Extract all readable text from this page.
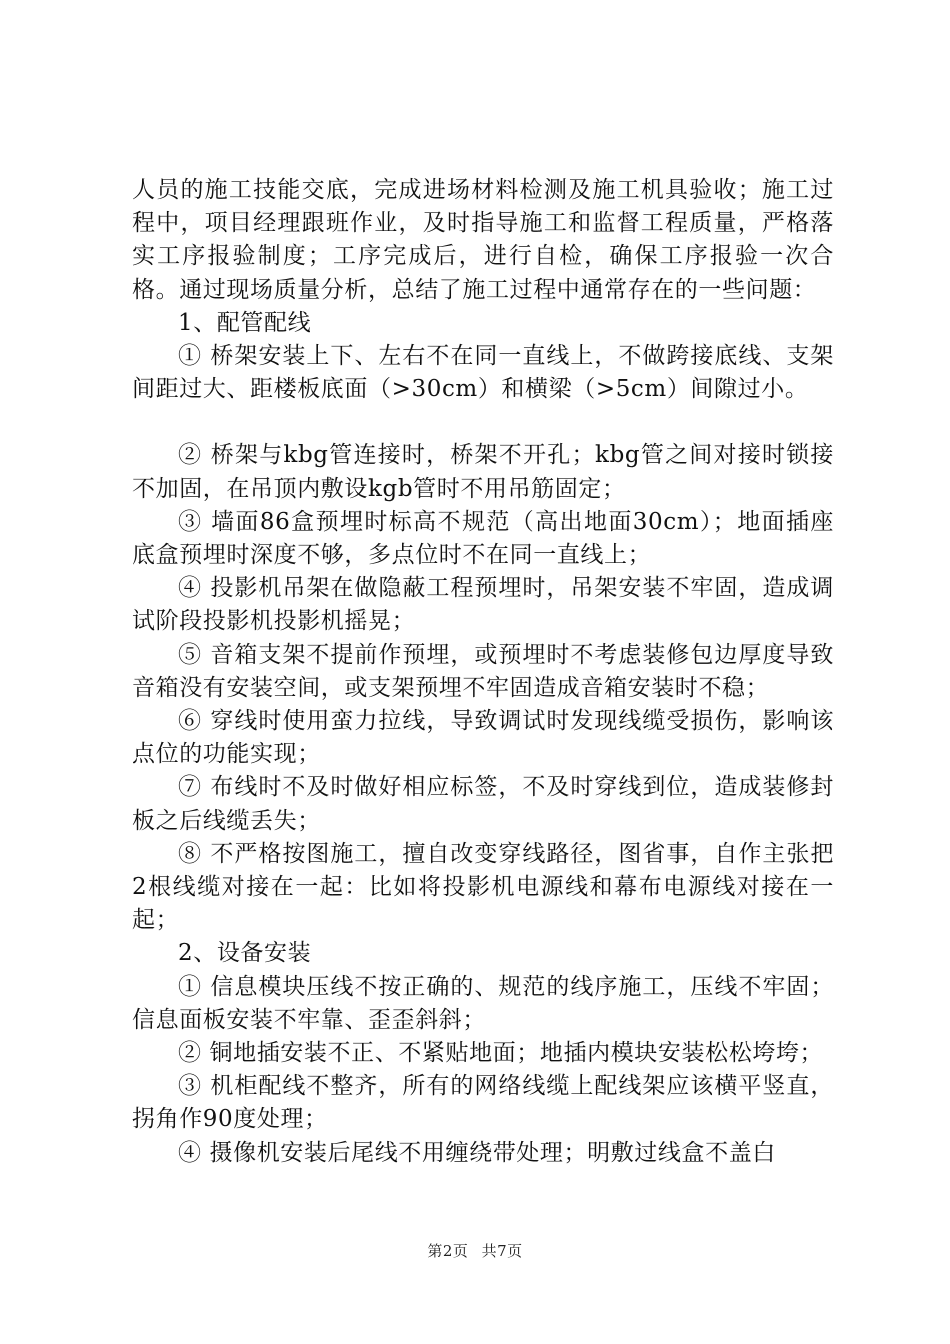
人员的施工技能交底，完成进场材料检测及施工机具验收；施工过程中，项目经理跟班作业，及时指导施工和监督工程质量，严格落实工序报验制度；工序完成后，进行自检，确保工序报验一次合格。通过现场质量分析，总结了施工过程中通常存在的一些问题：

1、配管配线

① 桥架安装上下、左右不在同一直线上，不做跨接底线、支架间距过大、距楼板底面（>30cm）和横梁（>5cm）间隙过小。

② 桥架与kbg管连接时，桥架不开孔；kbg管之间对接时锁接不加固，在吊顶内敷设kgb管时不用吊筋固定；

③ 墙面86盒预埋时标高不规范（高出地面30cm）；地面插座底盒预埋时深度不够，多点位时不在同一直线上；

④ 投影机吊架在做隐蔽工程预埋时，吊架安装不牢固，造成调试阶段投影机投影机摇晃；

⑤ 音箱支架不提前作预埋，或预埋时不考虑装修包边厚度导致音箱没有安装空间，或支架预埋不牢固造成音箱安装时不稳；

⑥ 穿线时使用蛮力拉线，导致调试时发现线缆受损伤，影响该点位的功能实现；

⑦ 布线时不及时做好相应标签，不及时穿线到位，造成装修封板之后线缆丢失；

⑧ 不严格按图施工，擅自改变穿线路径，图省事，自作主张把2根线缆对接在一起：比如将投影机电源线和幕布电源线对接在一起；

2、设备安装

① 信息模块压线不按正确的、规范的线序施工，压线不牢固；信息面板安装不牢靠、歪歪斜斜；

② 铜地插安装不正、不紧贴地面；地插内模块安装松松垮垮；

③ 机柜配线不整齐，所有的网络线缆上配线架应该横平竖直，拐角作90度处理；

④ 摄像机安装后尾线不用缠绕带处理；明敷过线盒不盖白

第2页 共7页
